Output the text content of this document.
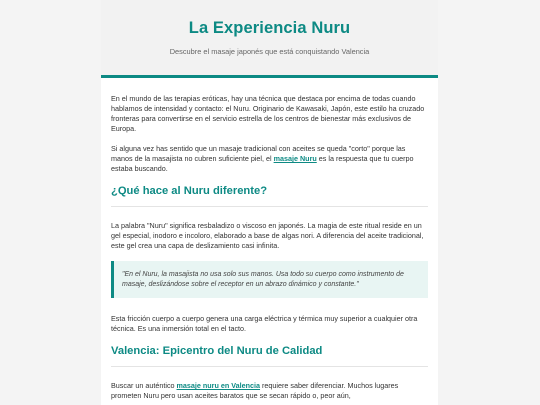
La Experiencia Nuru

Descubre el masaje japonés que está conquistando Valencia

En el mundo de las terapias eróticas, hay una técnica que destaca por encima de todas cuando hablamos de intensidad y contacto: el Nuru. Originario de Kawasaki, Japón, este estilo ha cruzado fronteras para convertirse en el servicio estrella de los centros de bienestar más exclusivos de Europa.

Si alguna vez has sentido que un masaje tradicional con aceites se queda "corto" porque las manos de la masajista no cubren suficiente piel, el masaje Nuru es la respuesta que tu cuerpo estaba buscando.

¿Qué hace al Nuru diferente?

La palabra "Nuru" significa resbaladizo o viscoso en japonés. La magia de este ritual reside en un gel especial, inodoro e incoloro, elaborado a base de algas nori. A diferencia del aceite tradicional, este gel crea una capa de deslizamiento casi infinita.

"En el Nuru, la masajista no usa solo sus manos. Usa todo su cuerpo como instrumento de masaje, deslizándose sobre el receptor en un abrazo dinámico y constante."

Esta fricción cuerpo a cuerpo genera una carga eléctrica y térmica muy superior a cualquier otra técnica. Es una inmersión total en el tacto.

Valencia: Epicentro del Nuru de Calidad

Buscar un auténtico masaje nuru en Valencia requiere saber diferenciar. Muchos lugares prometen Nuru pero usan aceites baratos que se secan rápido o, peor aún,
